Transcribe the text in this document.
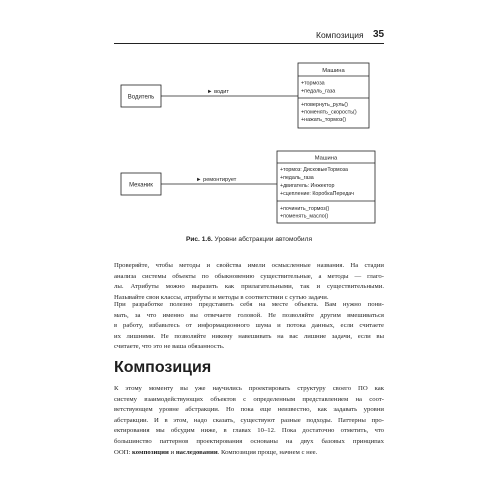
Композиция 35
Водитель
► водит
Машина
+тормоза
+педаль_газа
+повернуть_руль()
+поменять_скорость()
+нажать_тормоз()
Механик
► ремонтирует
Машина
+тормоз: ДисковыеТормоза
+педаль_газа
+двигатель: Инжектор
+сцепление: КоробкаПередач
+починить_тормоз()
+поменять_масло()
Рис. 1.6. Уровни абстракции автомобиля
Проверяйте, чтобы методы и свойства имели осмысленные названия. На стадии
анализа системы объекты по обыкновению существительные, а методы — глаго-
лы. Атрибуты можно выразить как прилагательными, так и существительными.
Называйте свои классы, атрибуты и методы в соответствии с сутью задачи.
При разработке полезно представить себя на месте объекта. Вам нужно пони-
мать, за что именно вы отвечаете головой. Не позволяйте другим вмешиваться
в работу, избавьтесь от информационного шума и потока данных, если считаете
их лишними. Не позволяйте никому навешивать на вас лишние задачи, если вы
считаете, что это не ваша обязанность.
Композиция
К этому моменту вы уже научились проектировать структуру своего ПО как
систему взаимодействующих объектов с определенным представлением на соот-
ветствующем уровне абстракции. Но пока еще неизвестно, как задавать уровни
абстракции. И в этом, надо сказать, существуют разные подходы. Паттерны про-
ектирования мы обсудим ниже, в главах 10–12. Пока достаточно отметить, что
большинство паттернов проектирования основаны на двух базовых принципах
ООП: композиции и наследовании. Композиция проще, начнем с нее.
